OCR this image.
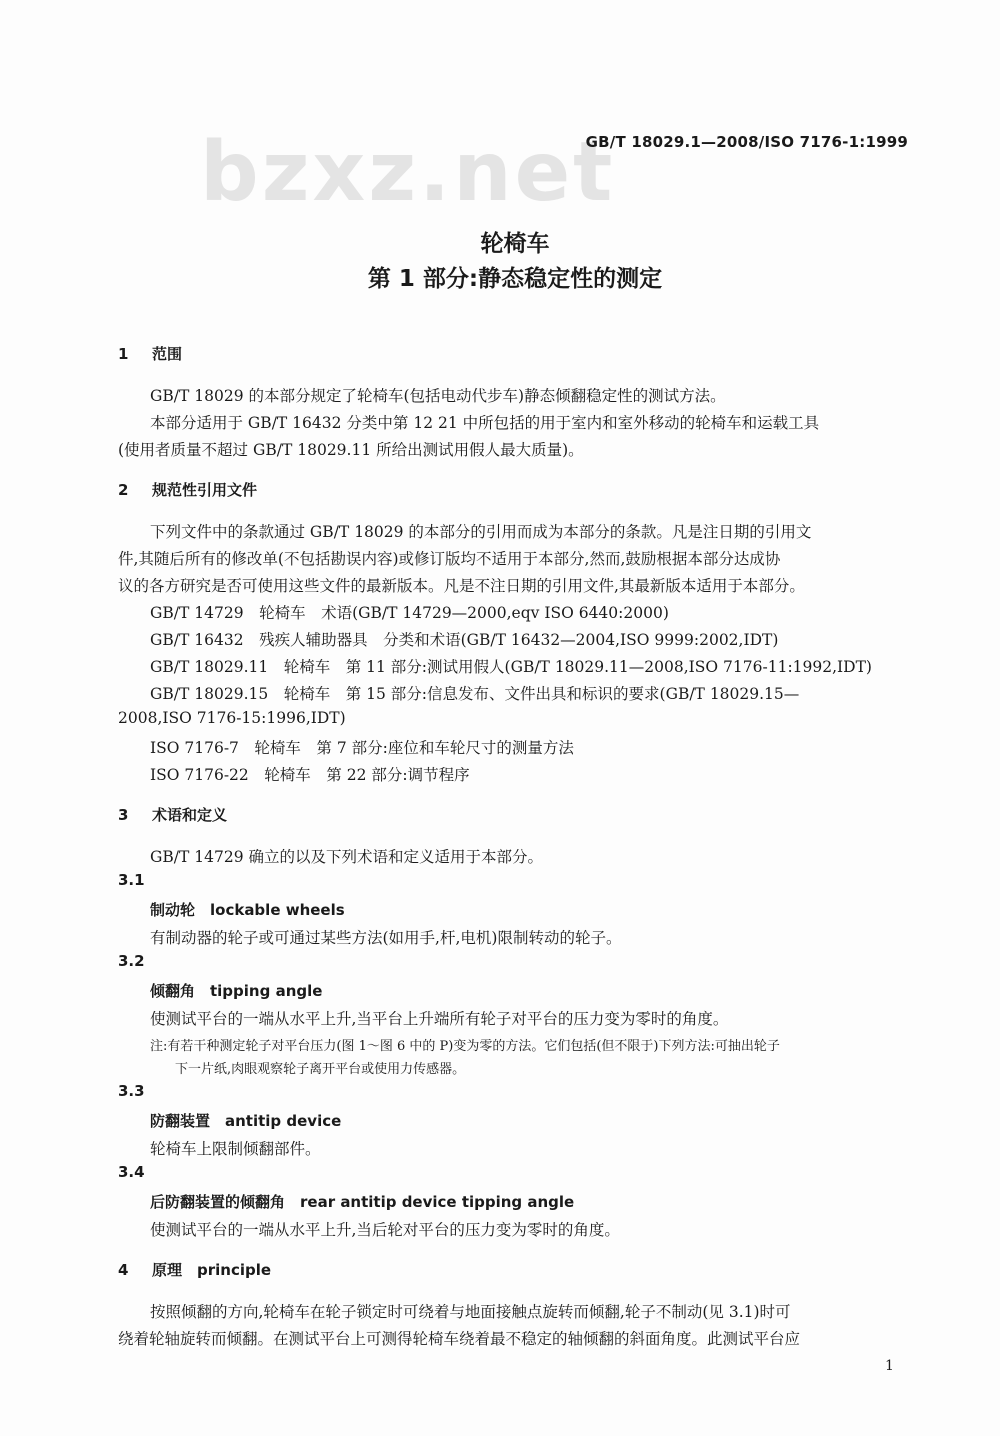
bzxz.net
GB/T 18029.1—2008/ISO 7176-1:1999
轮椅车
第 1 部分:静态稳定性的测定
1 范围
GB/T 18029 的本部分规定了轮椅车(包括电动代步车)静态倾翻稳定性的测试方法。
本部分适用于 GB/T 16432 分类中第 12 21 中所包括的用于室内和室外移动的轮椅车和运载工具
(使用者质量不超过 GB/T 18029.11 所给出测试用假人最大质量)。
2 规范性引用文件
下列文件中的条款通过 GB/T 18029 的本部分的引用而成为本部分的条款。凡是注日期的引用文
件,其随后所有的修改单(不包括勘误内容)或修订版均不适用于本部分,然而,鼓励根据本部分达成协
议的各方研究是否可使用这些文件的最新版本。凡是不注日期的引用文件,其最新版本适用于本部分。
GB/T 14729　轮椅车　术语(GB/T 14729—2000,eqv ISO 6440:2000)
GB/T 16432　残疾人辅助器具　分类和术语(GB/T 16432—2004,ISO 9999:2002,IDT)
GB/T 18029.11　轮椅车　第 11 部分:测试用假人(GB/T 18029.11—2008,ISO 7176-11:1992,IDT)
GB/T 18029.15　轮椅车　第 15 部分:信息发布、文件出具和标识的要求(GB/T 18029.15—
2008,ISO 7176-15:1996,IDT)
ISO 7176-7　轮椅车　第 7 部分:座位和车轮尺寸的测量方法
ISO 7176-22　轮椅车　第 22 部分:调节程序
3 术语和定义
GB/T 14729 确立的以及下列术语和定义适用于本部分。
3.1
制动轮　lockable wheels
有制动器的轮子或可通过某些方法(如用手,杆,电机)限制转动的轮子。
3.2
倾翻角　tipping angle
使测试平台的一端从水平上升,当平台上升端所有轮子对平台的压力变为零时的角度。
注:有若干种测定轮子对平台压力(图 1～图 6 中的 P)变为零的方法。它们包括(但不限于)下列方法:可抽出轮子
下一片纸,肉眼观察轮子离开平台或使用力传感器。
3.3
防翻装置　antitip device
轮椅车上限制倾翻部件。
3.4
后防翻装置的倾翻角　rear antitip device tipping angle
使测试平台的一端从水平上升,当后轮对平台的压力变为零时的角度。
4 原理　principle
按照倾翻的方向,轮椅车在轮子锁定时可绕着与地面接触点旋转而倾翻,轮子不制动(见 3.1)时可
绕着轮轴旋转而倾翻。在测试平台上可测得轮椅车绕着最不稳定的轴倾翻的斜面角度。此测试平台应
1
